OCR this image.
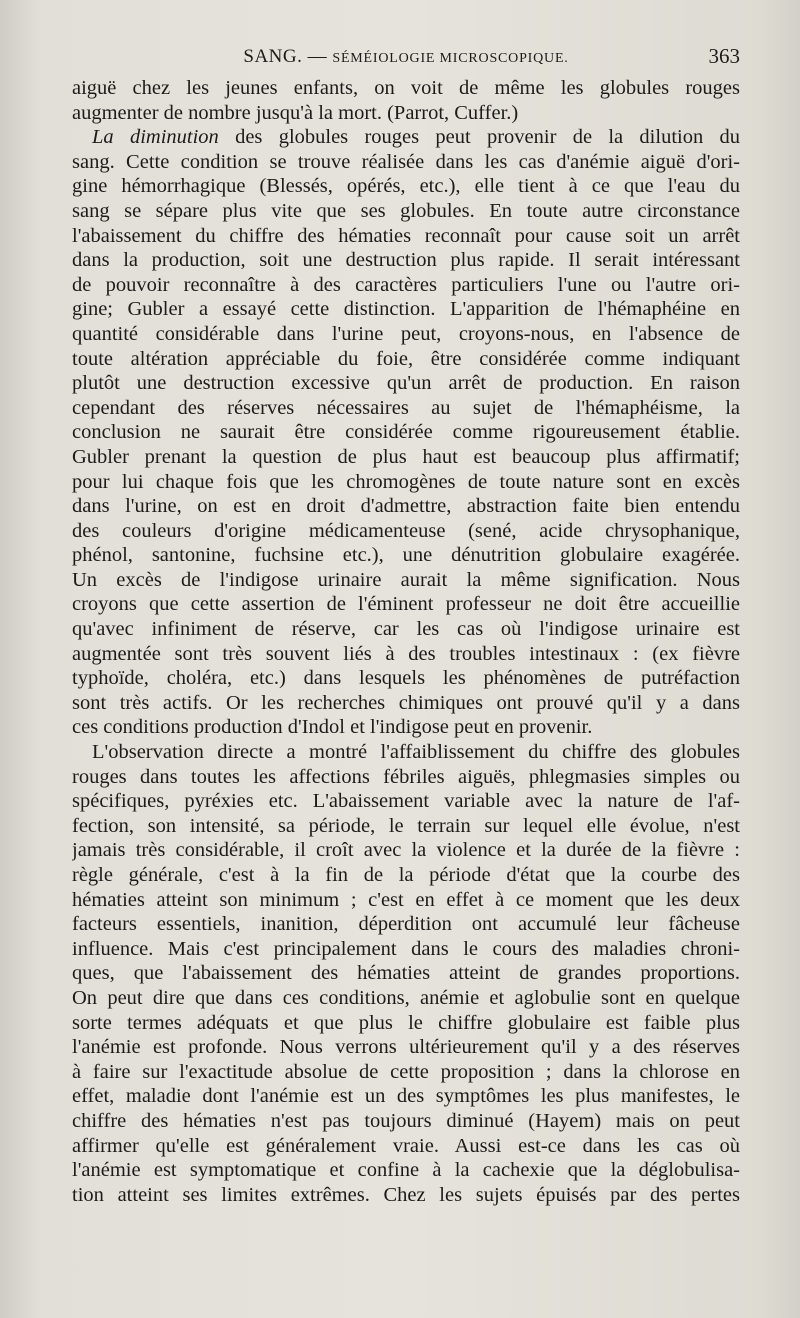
SANG. — SÉMÉIOLOGIE MICROSCOPIQUE.	363
aiguë chez les jeunes enfants, on voit de même les globules rouges
augmenter de nombre jusqu'à la mort. (Parrot, Cuffer.)
La diminution des globules rouges peut provenir de la dilution du
sang. Cette condition se trouve réalisée dans les cas d'anémie aiguë d'ori-
gine hémorrhagique (Blessés, opérés, etc.), elle tient à ce que l'eau du
sang se sépare plus vite que ses globules. En toute autre circonstance
l'abaissement du chiffre des hématies reconnaît pour cause soit un arrêt
dans la production, soit une destruction plus rapide. Il serait intéressant
de pouvoir reconnaître à des caractères particuliers l'une ou l'autre ori-
gine; Gubler a essayé cette distinction. L'apparition de l'hémaphéine en
quantité considérable dans l'urine peut, croyons-nous, en l'absence de
toute altération appréciable du foie, être considérée comme indiquant
plutôt une destruction excessive qu'un arrêt de production. En raison
cependant des réserves nécessaires au sujet de l'hémaphéisme, la
conclusion ne saurait être considérée comme rigoureusement établie.
Gubler prenant la question de plus haut est beaucoup plus affirmatif;
pour lui chaque fois que les chromogènes de toute nature sont en excès
dans l'urine, on est en droit d'admettre, abstraction faite bien entendu
des couleurs d'origine médicamenteuse (sené, acide chrysophanique,
phénol, santonine, fuchsine etc.), une dénutrition globulaire exagérée.
Un excès de l'indigose urinaire aurait la même signification. Nous
croyons que cette assertion de l'éminent professeur ne doit être accueillie
qu'avec infiniment de réserve, car les cas où l'indigose urinaire est
augmentée sont très souvent liés à des troubles intestinaux : (ex fièvre
typhoïde, choléra, etc.) dans lesquels les phénomènes de putréfaction
sont très actifs. Or les recherches chimiques ont prouvé qu'il y a dans
ces conditions production d'Indol et l'indigose peut en provenir.
L'observation directe a montré l'affaiblissement du chiffre des globules
rouges dans toutes les affections fébriles aiguës, phlegmasies simples ou
spécifiques, pyréxies etc. L'abaissement variable avec la nature de l'af-
fection, son intensité, sa période, le terrain sur lequel elle évolue, n'est
jamais très considérable, il croît avec la violence et la durée de la fièvre :
règle générale, c'est à la fin de la période d'état que la courbe des
hématies atteint son minimum ; c'est en effet à ce moment que les deux
facteurs essentiels, inanition, déperdition ont accumulé leur fâcheuse
influence. Mais c'est principalement dans le cours des maladies chroni-
ques, que l'abaissement des hématies atteint de grandes proportions.
On peut dire que dans ces conditions, anémie et aglobulie sont en quelque
sorte termes adéquats et que plus le chiffre globulaire est faible plus
l'anémie est profonde. Nous verrons ultérieurement qu'il y a des réserves
à faire sur l'exactitude absolue de cette proposition ; dans la chlorose en
effet, maladie dont l'anémie est un des symptômes les plus manifestes, le
chiffre des hématies n'est pas toujours diminué (Hayem) mais on peut
affirmer qu'elle est généralement vraie. Aussi est-ce dans les cas où
l'anémie est symptomatique et confine à la cachexie que la déglobulisa-
tion atteint ses limites extrêmes. Chez les sujets épuisés par des pertes
